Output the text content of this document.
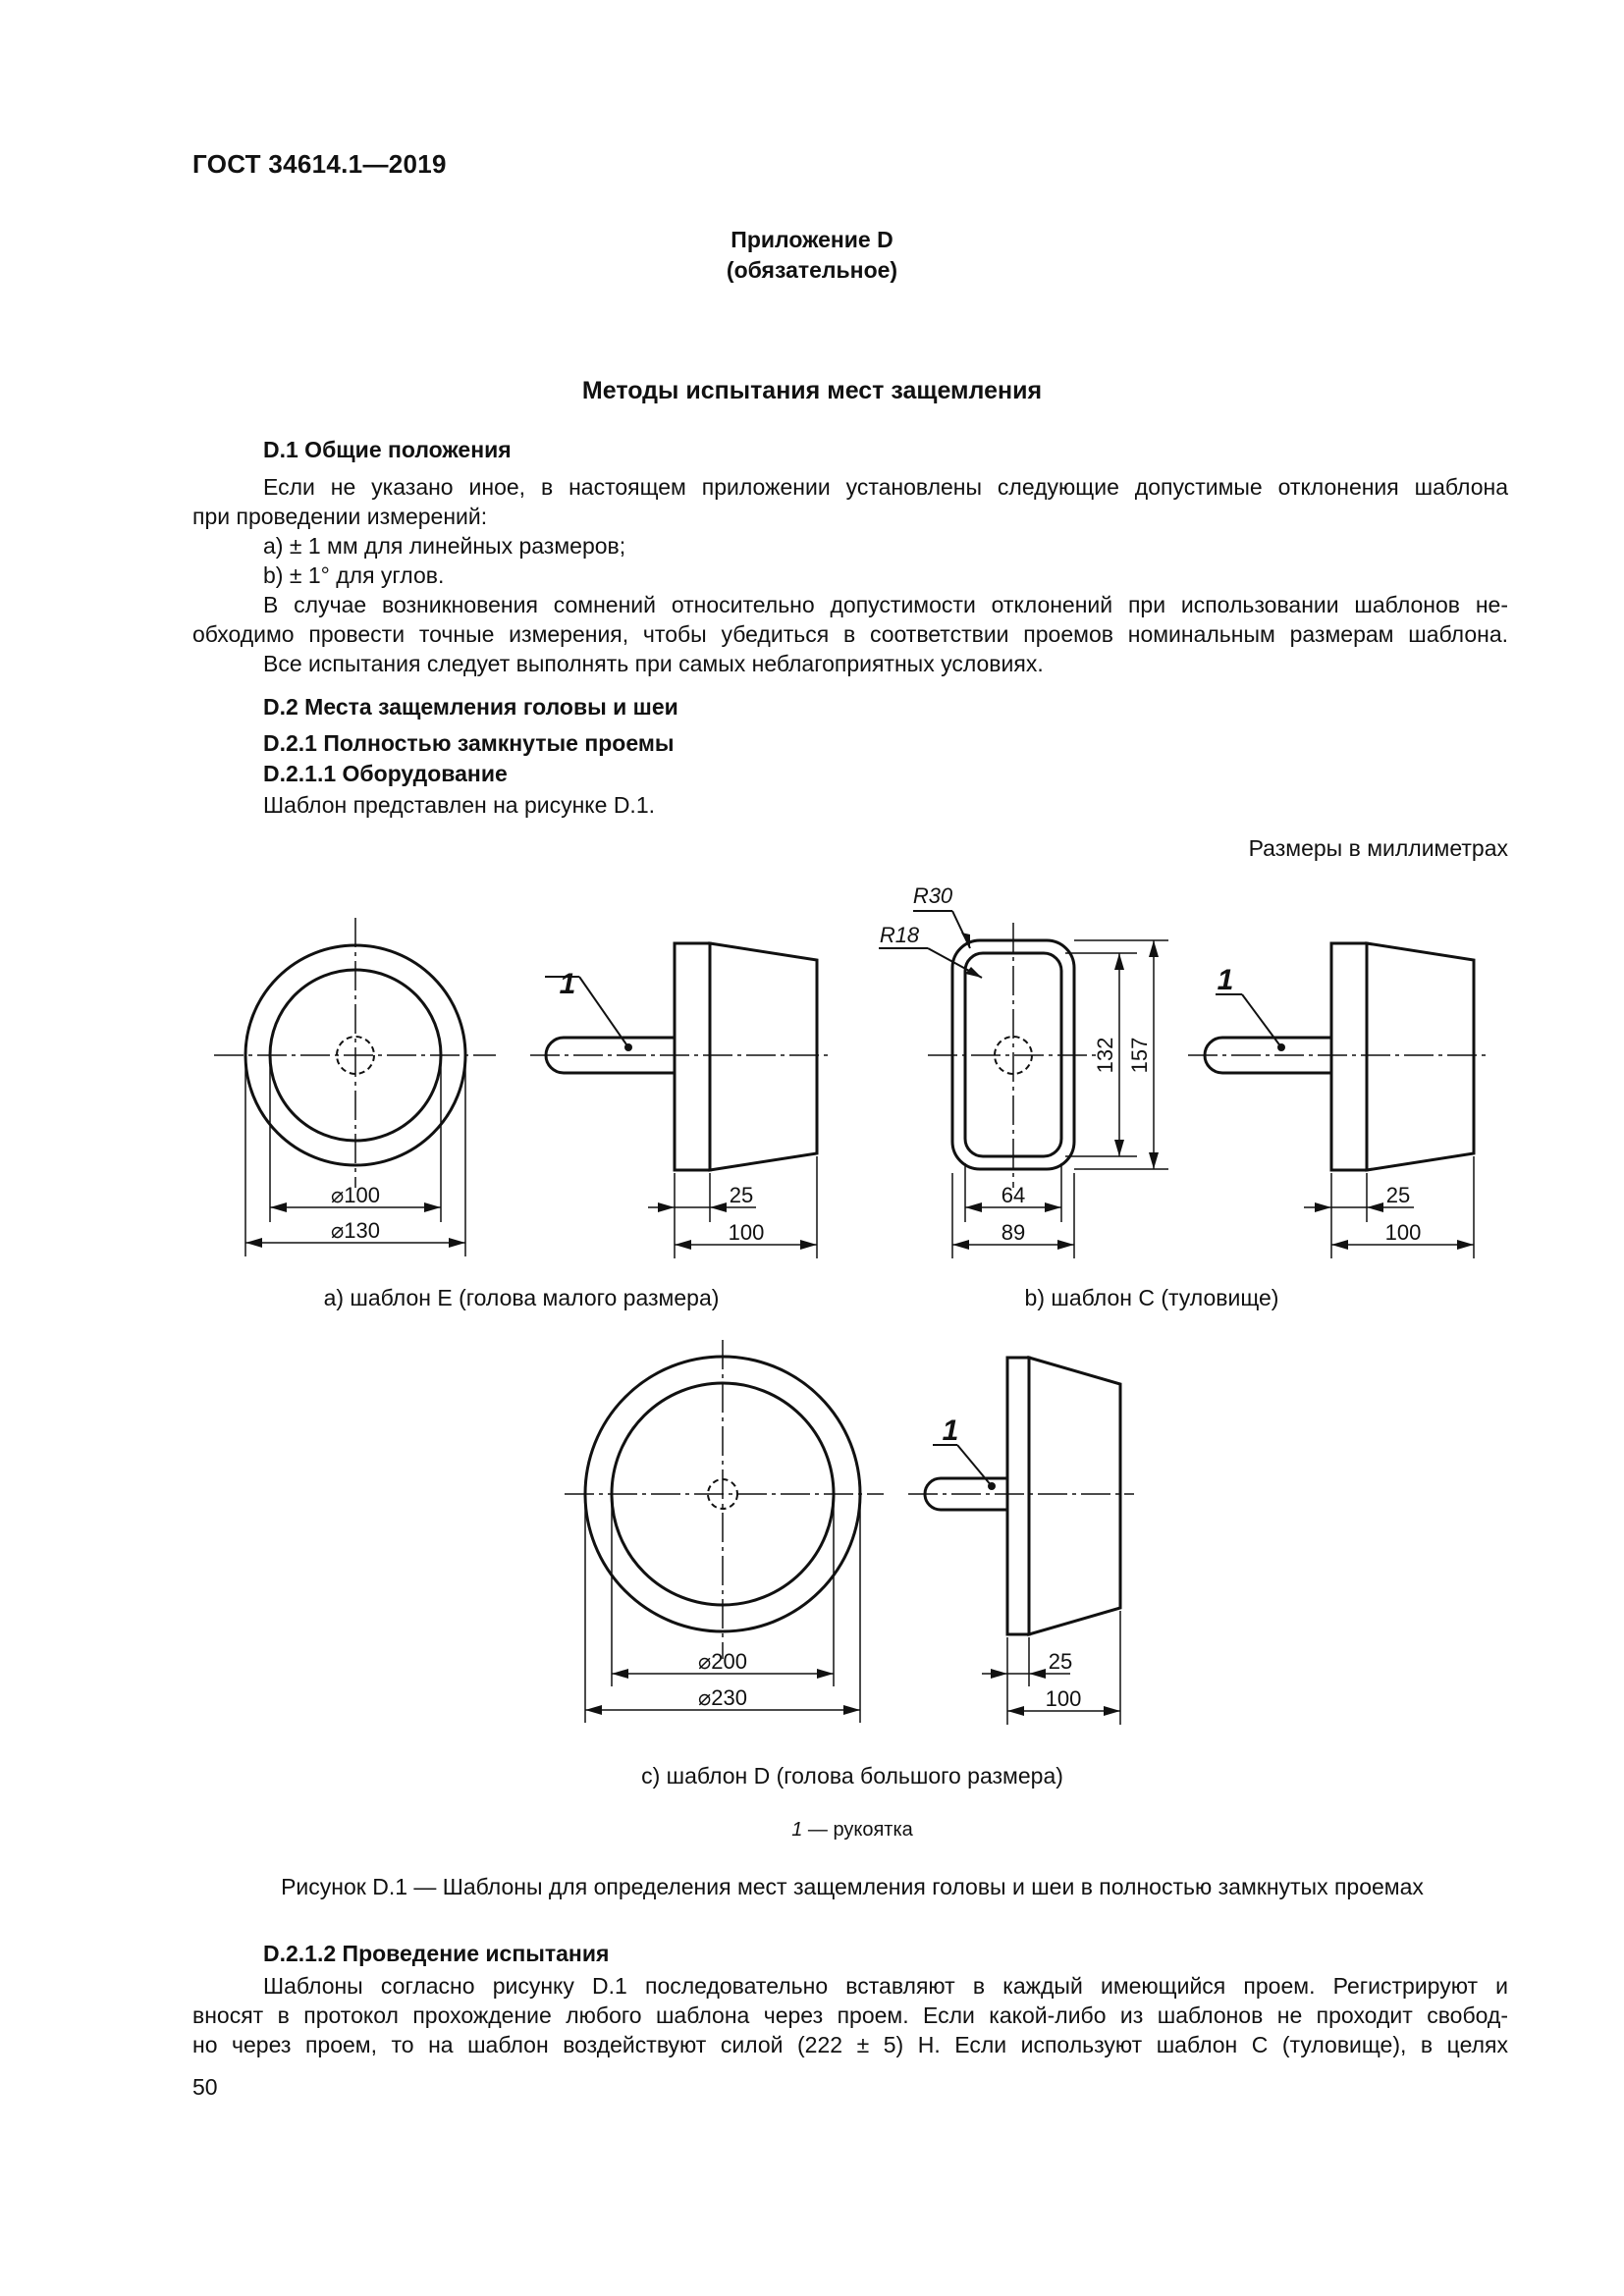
ГОСТ 34614.1—2019
Приложение D
(обязательное)
Методы испытания мест защемления
D.1 Общие положения
Если не указано иное, в настоящем приложении установлены следующие допустимые отклонения шаблона
при проведении измерений:
а) ± 1 мм для линейных размеров;
b) ± 1° для углов.
В случае возникновения сомнений относительно допустимости отклонений при использовании шаблонов не-
обходимо провести точные измерения, чтобы убедиться в соответствии проемов номинальным размерам шаблона.
Все испытания следует выполнять при самых неблагоприятных условиях.
D.2 Места защемления головы и шеи
D.2.1 Полностью замкнутые проемы
D.2.1.1 Оборудование
Шаблон представлен на рисунке D.1.
Размеры в миллиметрах
⌀100
⌀130
25
100
1
R30
R18
64
89
132 157
25
100
1
⌀200
⌀230
25
100
1
a) шаблон E (голова малого размера)	b) шаблон C (туловище)
c) шаблон D (голова большого размера)
1 — рукоятка
Рисунок D.1 — Шаблоны для определения мест защемления головы и шеи в полностью замкнутых проемах
D.2.1.2 Проведение испытания
Шаблоны согласно рисунку D.1 последовательно вставляют в каждый имеющийся проем. Регистрируют и
вносят в протокол прохождение любого шаблона через проем. Если какой-либо из шаблонов не проходит свобод-
но через проем, то на шаблон воздействуют силой (222 ± 5) Н. Если используют шаблон C (туловище), в целях
50
